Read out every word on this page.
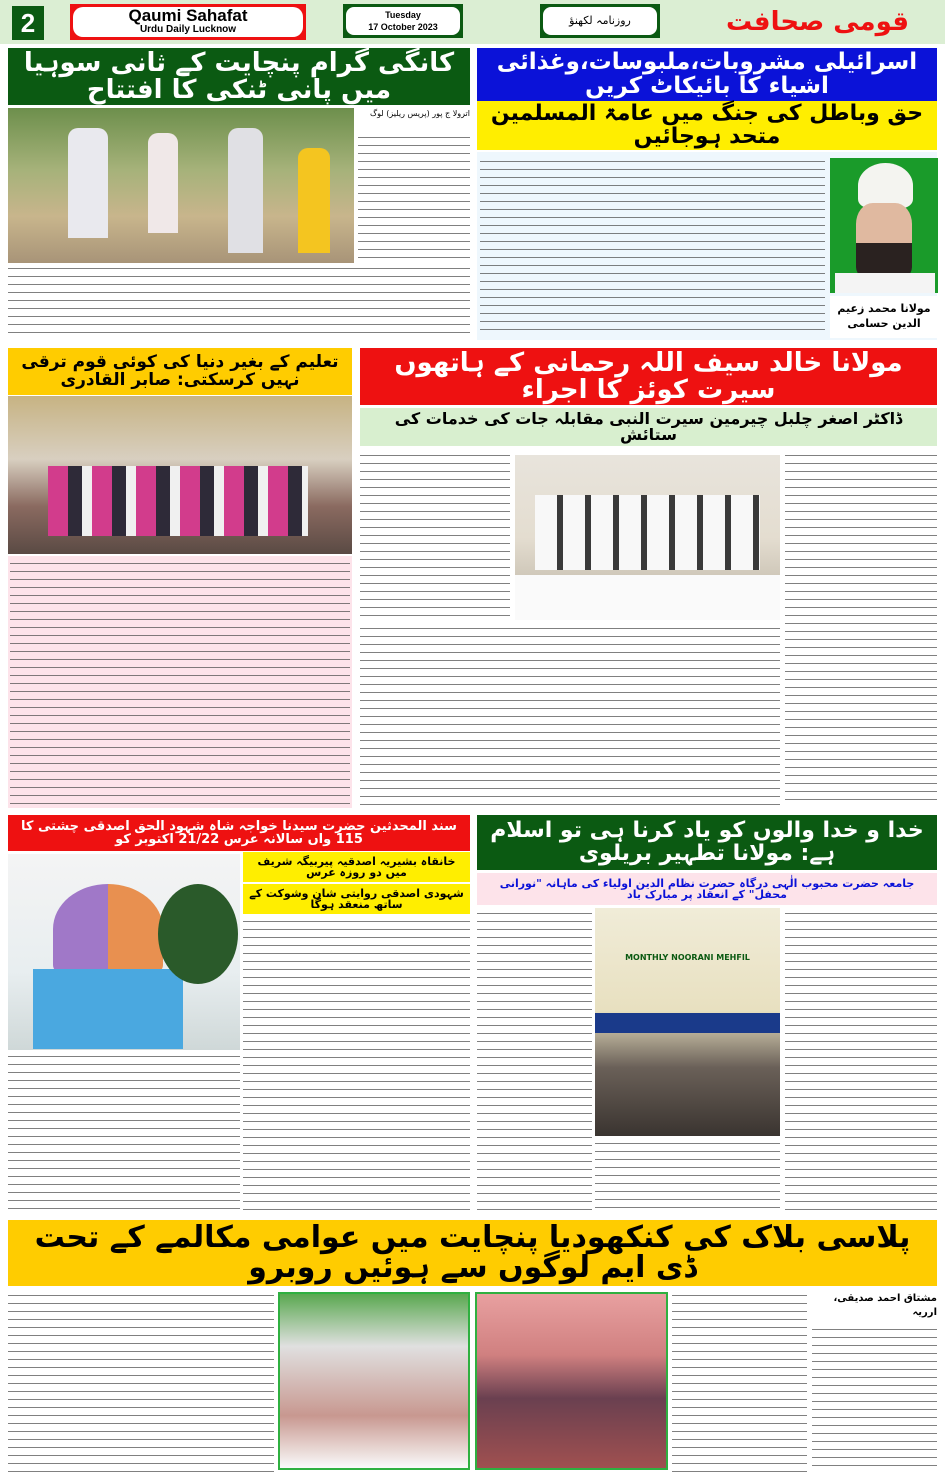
2	Qaumi Sahafat
Urdu Daily Lucknow
Tuesday
17 October 2023	روزنامہ لکھنؤ	قومی صحافت
کانگی گرام پنچایت کے ثانی سوہیا میں پانی ٹنکی کا افتتاح
اترولا ج پور (پریس ریلیز) لوگ
اسرائیلی مشروبات،ملبوسات،وغذائی اشیاء کا بائیکاٹ کریں
حق وباطل کی جنگ میں عامۃ المسلمین متحد ہوجائیں
مولانا محمد زعیم الدین حسامی
تعلیم کے بغیر دنیا کی کوئی قوم ترقی نہیں کرسکتی: صابر القادری
مولانا خالد سیف اللہ رحمانی کے ہاتھوں سیرت کوئز کا اجراء
ڈاکٹر اصغر چلبل چیرمین سیرت النبی مقابلہ جات کی خدمات کی ستائش
سند المحدثین حضرت سیدنا خواجہ شاہ شہود الحق اصدقی چشتی کا 115 واں سالانہ عرس 21/22 اکتوبر کو
خانقاہ بشیریہ اصدقیہ پیربیگہ شریف میں دو روزہ عرس
شہودی اصدقی روایتی شان وشوکت کے ساتھ منعقد ہوگا
خدا و خدا والوں کو یاد کرنا ہی تو اسلام ہے: مولانا تطہیر بریلوی
جامعہ حضرت محبوب الٰہی درگاہ حضرت نظام الدین اولیاء کی ماہانہ "نورانی محفل" کے انعقاد پر مبارک باد
MONTHLY NOORANI MEHFIL
پلاسی بلاک کی کنکھودیا پنچایت میں عوامی مکالمے کے تحت ڈی ایم لوگوں سے ہوئیں روبرو
مشتاق احمد صدیقی، ارریہ
